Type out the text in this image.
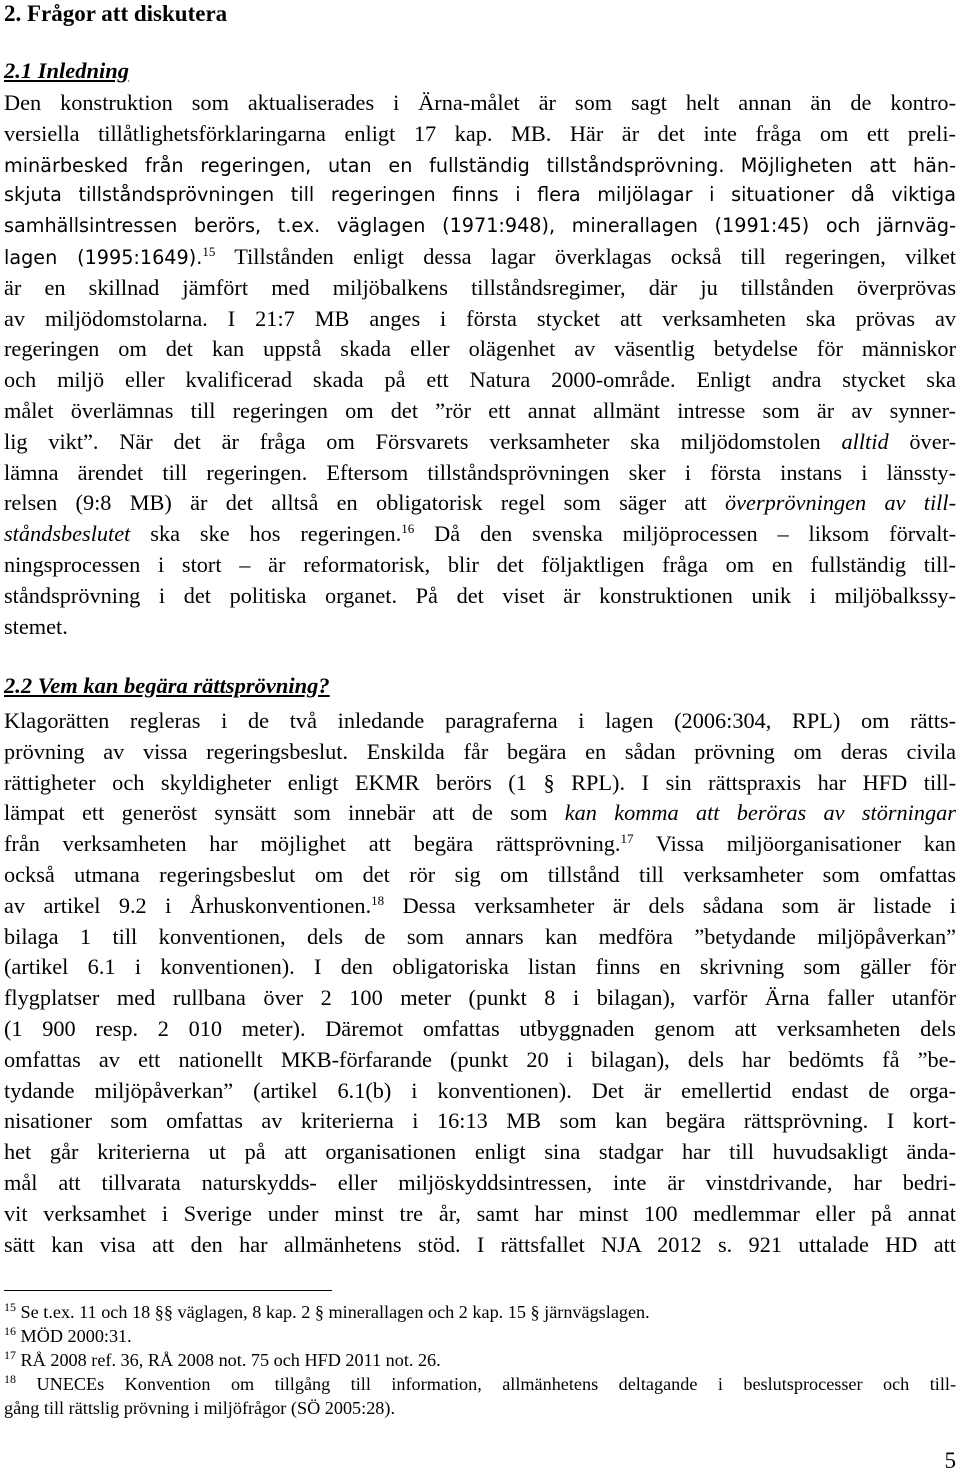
2. Frågor att diskutera
2.1 Inledning
Den konstruktion som aktualiserades i Ärna-målet är som sagt helt annan än de kontro-
versiella tillåtlighetsförklaringarna enligt 17 kap. MB. Här är det inte fråga om ett preli-
minärbesked från regeringen, utan en fullständig tillståndsprövning. Möjligheten att hän-
skjuta tillståndsprövningen till regeringen finns i flera miljölagar i situationer då viktiga
samhällsintressen berörs, t.ex. väglagen (1971:948), minerallagen (1991:45) och järnväg-
lagen (1995:1649).$^{15}$ Tillstånden enligt dessa lagar överklagas också till regeringen, vilket
är en skillnad jämfört med miljöbalkens tillståndsregimer, där ju tillstånden överprövas
av miljödomstolarna. I 21:7 MB anges i första stycket att verksamheten ska prövas av
regeringen om det kan uppstå skada eller olägenhet av väsentlig betydelse för människor
och miljö eller kvalificerad skada på ett Natura 2000-område. Enligt andra stycket ska
målet överlämnas till regeringen om det ”rör ett annat allmänt intresse som är av synner-
lig vikt”. När det är fråga om Försvarets verksamheter ska miljödomstolen alltid över-
lämna ärendet till regeringen. Eftersom tillståndsprövningen sker i första instans i länssty-
relsen (9:8 MB) är det alltså en obligatorisk regel som säger att överprövningen av till-
ståndsbeslutet ska ske hos regeringen.$^{16}$ Då den svenska miljöprocessen – liksom förvalt-
ningsprocessen i stort – är reformatorisk, blir det följaktligen fråga om en fullständig till-
ståndsprövning i det politiska organet. På det viset är konstruktionen unik i miljöbalkssy-
stemet.
2.2 Vem kan begära rättsprövning?
Klagorätten regleras i de två inledande paragraferna i lagen (2006:304, RPL) om rätts-
prövning av vissa regeringsbeslut. Enskilda får begära en sådan prövning om deras civila
rättigheter och skyldigheter enligt EKMR berörs (1 § RPL). I sin rättspraxis har HFD till-
lämpat ett generöst synsätt som innebär att de som kan komma att beröras av störningar
från verksamheten har möjlighet att begära rättsprövning.$^{17}$ Vissa miljöorganisationer kan
också utmana regeringsbeslut om det rör sig om tillstånd till verksamheter som omfattas
av artikel 9.2 i Århuskonventionen.$^{18}$ Dessa verksamheter är dels sådana som är listade i
bilaga 1 till konventionen, dels de som annars kan medföra ”betydande miljöpåverkan”
(artikel 6.1 i konventionen). I den obligatoriska listan finns en skrivning som gäller för
flygplatser med rullbana över 2 100 meter (punkt 8 i bilagan), varför Ärna faller utanför
(1 900 resp. 2 010 meter). Däremot omfattas utbyggnaden genom att verksamheten dels
omfattas av ett nationellt MKB-förfarande (punkt 20 i bilagan), dels har bedömts få ”be-
tydande miljöpåverkan” (artikel 6.1(b) i konventionen). Det är emellertid endast de orga-
nisationer som omfattas av kriterierna i 16:13 MB som kan begära rättsprövning. I kort-
het går kriterierna ut på att organisationen enligt sina stadgar har till huvudsakligt ända-
mål att tillvarata naturskydds- eller miljöskyddsintressen, inte är vinstdrivande, har bedri-
vit verksamhet i Sverige under minst tre år, samt har minst 100 medlemmar eller på annat
sätt kan visa att den har allmänhetens stöd. I rättsfallet NJA 2012 s. 921 uttalade HD att
$^{15}$ Se t.ex. 11 och 18 §§ väglagen, 8 kap. 2 § minerallagen och 2 kap. 15 § järnvägslagen.
$^{16}$ MÖD 2000:31.
$^{17}$ RÅ 2008 ref. 36, RÅ 2008 not. 75 och HFD 2011 not. 26.
$^{18}$ UNECEs Konvention om tillgång till information, allmänhetens deltagande i beslutsprocesser och till-
gång till rättslig prövning i miljöfrågor (SÖ 2005:28).
5
